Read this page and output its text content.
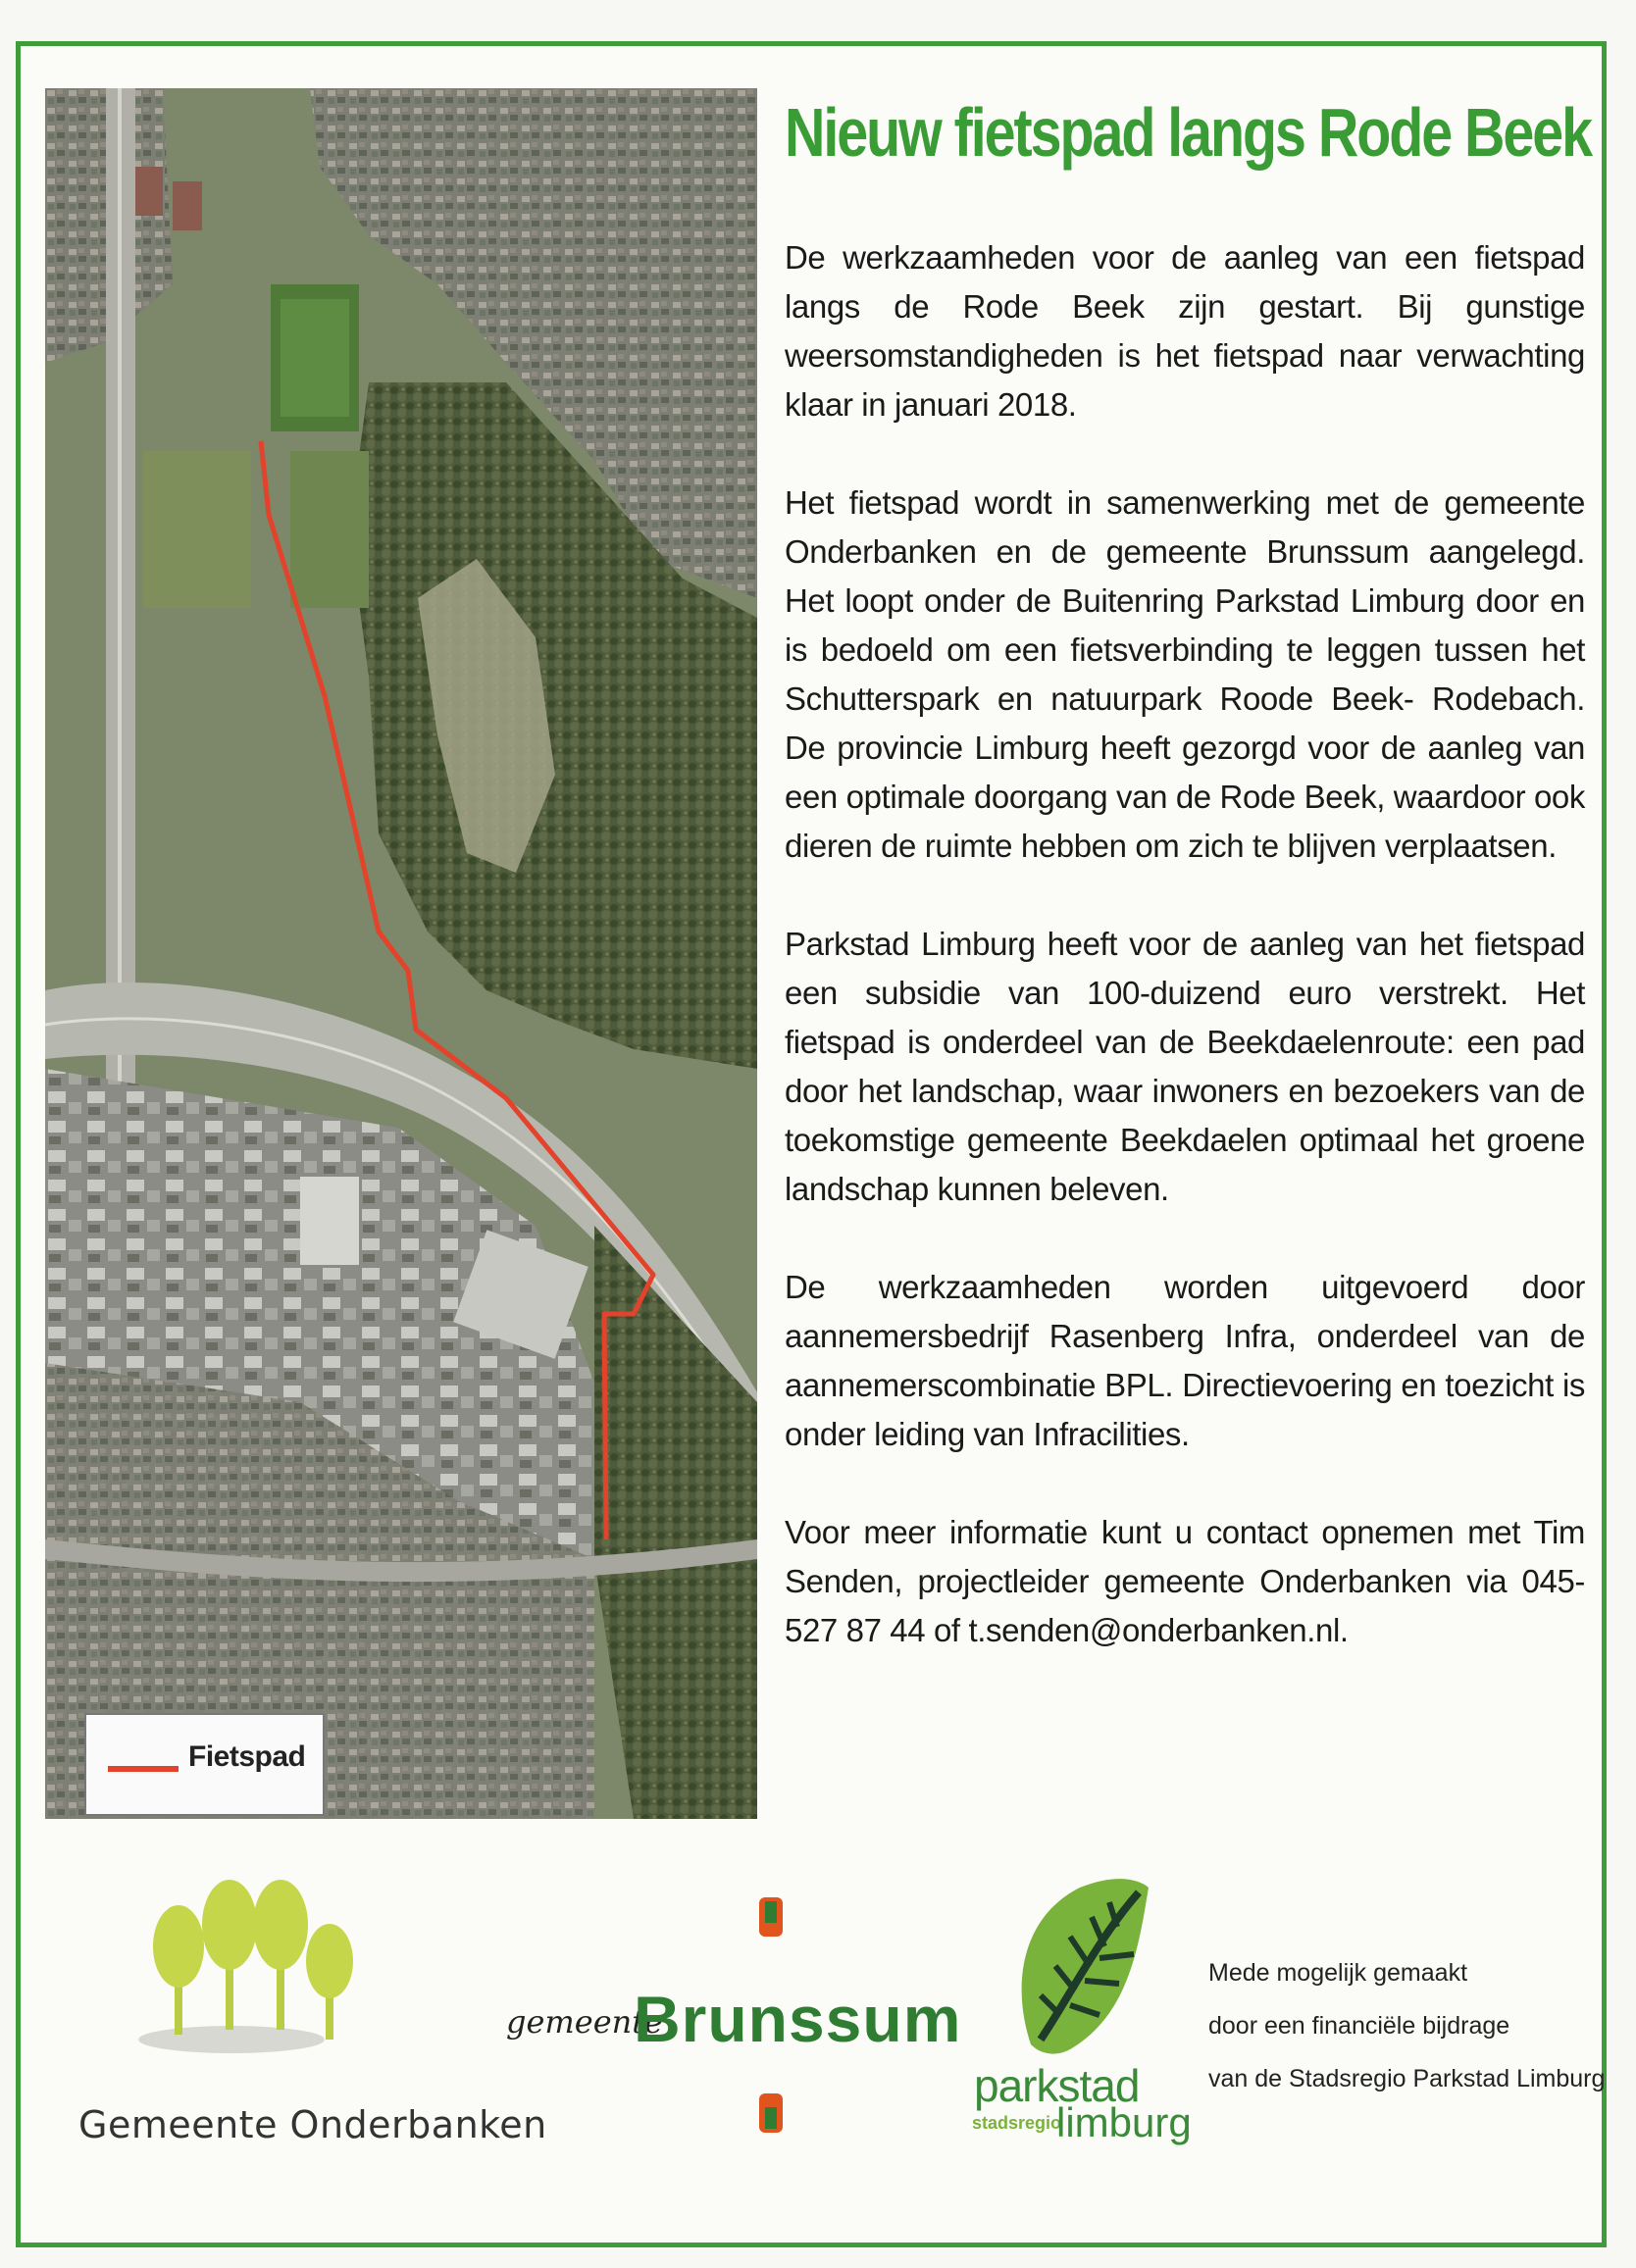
Fietspad
Nieuw fietspad langs Rode Beek
De werkzaamheden voor de aanleg van een fietspad langs de Rode Beek zijn gestart. Bij gunstige weersomstandigheden is het fietspad naar verwachting klaar in januari 2018.
Het fietspad wordt in samenwerking met de gemeente Onderbanken en de gemeente Brunssum aangelegd. Het loopt onder de Buitenring Parkstad Limburg door en is bedoeld om een fietsverbinding te leggen tussen het Schutterspark en natuurpark Roode Beek- Rodebach. De provincie Limburg heeft gezorgd voor de aanleg van een optimale doorgang van de Rode Beek, waardoor ook dieren de ruimte hebben om zich te blijven verplaatsen.
Parkstad Limburg heeft voor de aanleg van het fietspad een subsidie van 100-duizend euro verstrekt. Het fietspad is onderdeel van de Beekdaelenroute: een pad door het landschap, waar inwoners en bezoekers van de toekomstige gemeente Beekdaelen optimaal het groene landschap kunnen beleven.
De werkzaamheden worden uitgevoerd door aannemersbedrijf Rasenberg Infra, onderdeel van de aannemerscombinatie BPL. Directievoering en toezicht is onder leiding van Infracilities.
Voor meer informatie kunt u contact opnemen met Tim Senden, projectleider gemeente Onderbanken via 045-527 87 44 of t.senden@onderbanken.nl.
Gemeente Onderbanken
gemeente
Brunssum
parkstad
stadsregio
limburg
Mede mogelijk gemaakt
door een financiële bijdrage
van de Stadsregio Parkstad Limburg
